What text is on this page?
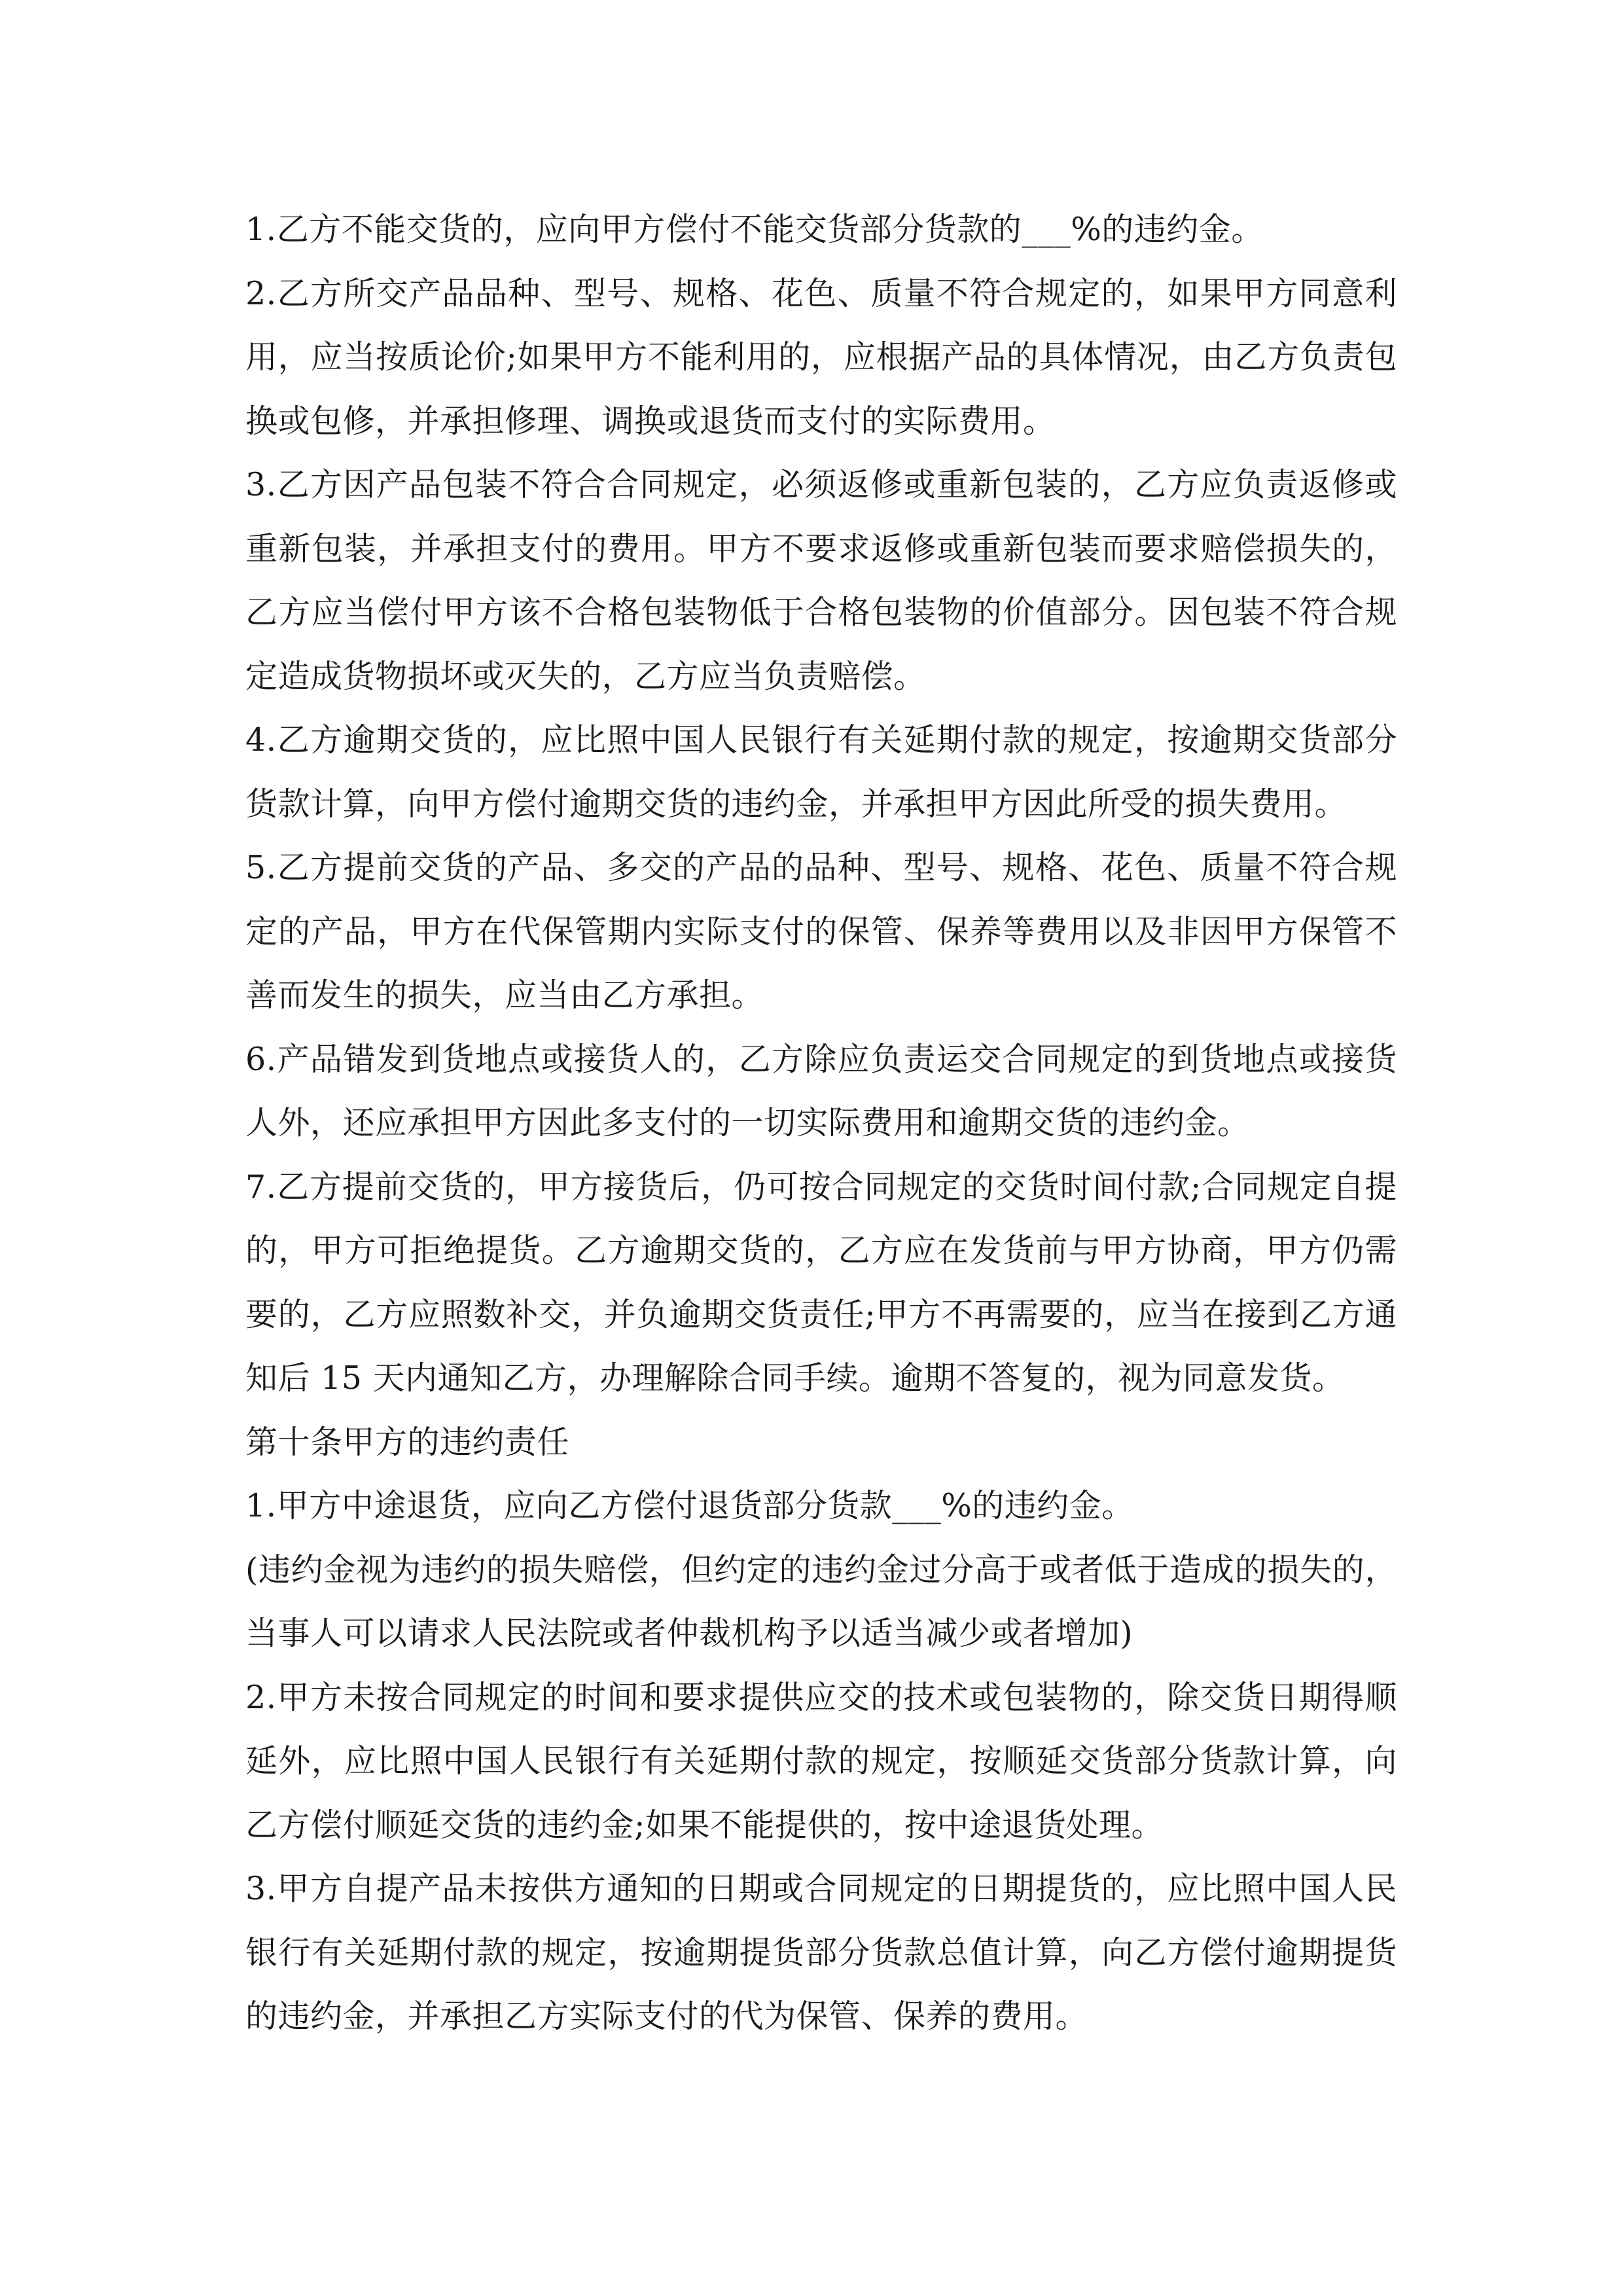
1.乙方不能交货的，应向甲方偿付不能交货部分货款的___%的违约金。

2.乙方所交产品品种、型号、规格、花色、质量不符合规定的，如果甲方同意利用，应当按质论价;如果甲方不能利用的，应根据产品的具体情况，由乙方负责包换或包修，并承担修理、调换或退货而支付的实际费用。

3.乙方因产品包装不符合合同规定，必须返修或重新包装的，乙方应负责返修或重新包装，并承担支付的费用。甲方不要求返修或重新包装而要求赔偿损失的，乙方应当偿付甲方该不合格包装物低于合格包装物的价值部分。因包装不符合规定造成货物损坏或灭失的，乙方应当负责赔偿。

4.乙方逾期交货的，应比照中国人民银行有关延期付款的规定，按逾期交货部分货款计算，向甲方偿付逾期交货的违约金，并承担甲方因此所受的损失费用。

5.乙方提前交货的产品、多交的产品的品种、型号、规格、花色、质量不符合规定的产品，甲方在代保管期内实际支付的保管、保养等费用以及非因甲方保管不善而发生的损失，应当由乙方承担。

6.产品错发到货地点或接货人的，乙方除应负责运交合同规定的到货地点或接货人外，还应承担甲方因此多支付的一切实际费用和逾期交货的违约金。

7.乙方提前交货的，甲方接货后，仍可按合同规定的交货时间付款;合同规定自提的，甲方可拒绝提货。乙方逾期交货的，乙方应在发货前与甲方协商，甲方仍需要的，乙方应照数补交，并负逾期交货责任;甲方不再需要的，应当在接到乙方通知后 15 天内通知乙方，办理解除合同手续。逾期不答复的，视为同意发货。

第十条甲方的违约责任

1.甲方中途退货，应向乙方偿付退货部分货款___%的违约金。

(违约金视为违约的损失赔偿，但约定的违约金过分高于或者低于造成的损失的，当事人可以请求人民法院或者仲裁机构予以适当减少或者增加)

2.甲方未按合同规定的时间和要求提供应交的技术或包装物的，除交货日期得顺延外，应比照中国人民银行有关延期付款的规定，按顺延交货部分货款计算，向乙方偿付顺延交货的违约金;如果不能提供的，按中途退货处理。

3.甲方自提产品未按供方通知的日期或合同规定的日期提货的，应比照中国人民银行有关延期付款的规定，按逾期提货部分货款总值计算，向乙方偿付逾期提货的违约金，并承担乙方实际支付的代为保管、保养的费用。
